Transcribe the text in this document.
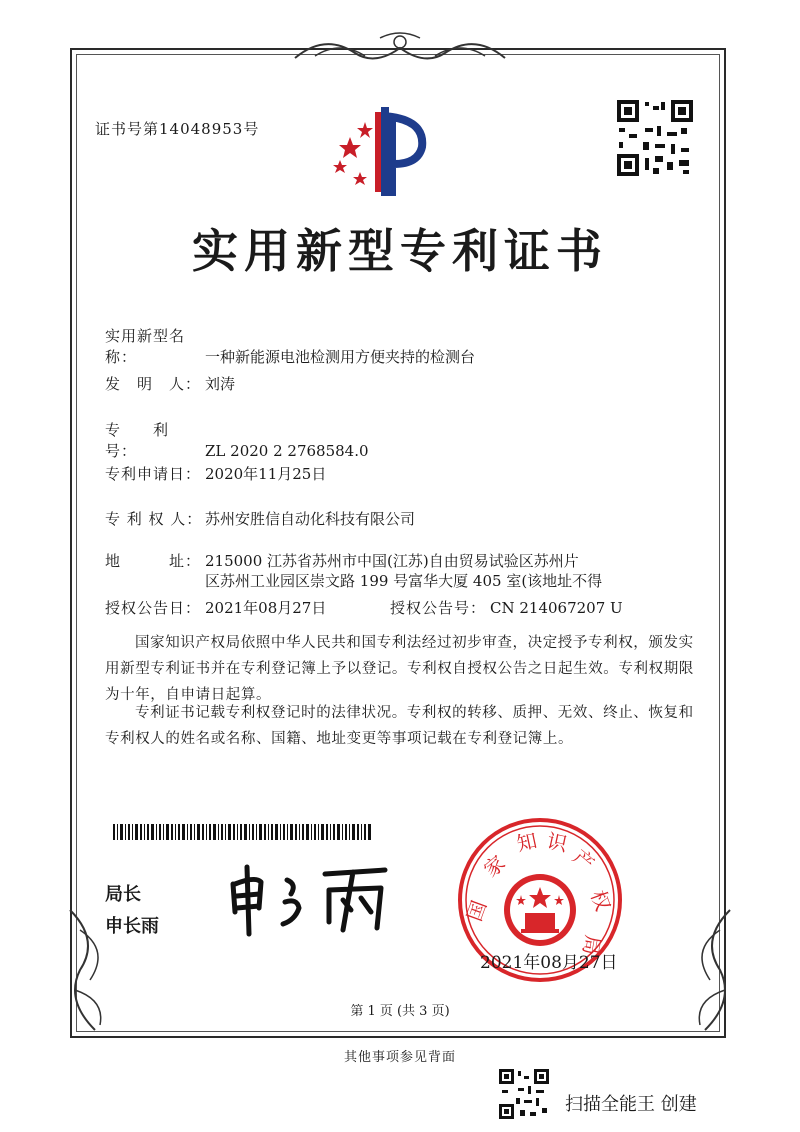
证书号第14048953号
实用新型专利证书
实用新型名称：	一种新能源电池检测用方便夹持的检测台
发　明　人： 刘涛
专　　利　号：	ZL 2020 2 2768584.0
专利申请日： 2020年11月25日
专 利 权 人： 苏州安胜信自动化科技有限公司
地　　　址： 215000 江苏省苏州市中国(江苏)自由贸易试验区苏州片
区苏州工业园区崇文路 199 号富华大厦 405 室(该地址不得
授权公告日： 2021年08月27日	授权公告号： CN 214067207 U
国家知识产权局依照中华人民共和国专利法经过初步审查，决定授予专利权，颁发实用新型专利证书并在专利登记簿上予以登记。专利权自授权公告之日起生效。专利权期限为十年，自申请日起算。
专利证书记载专利权登记时的法律状况。专利权的转移、质押、无效、终止、恢复和专利权人的姓名或名称、国籍、地址变更等事项记载在专利登记簿上。
局长
申长雨
国
家
知 识
产
权
局
2021年08月27日
第 1 页 (共 3 页)
其他事项参见背面
扫描全能王 创建
